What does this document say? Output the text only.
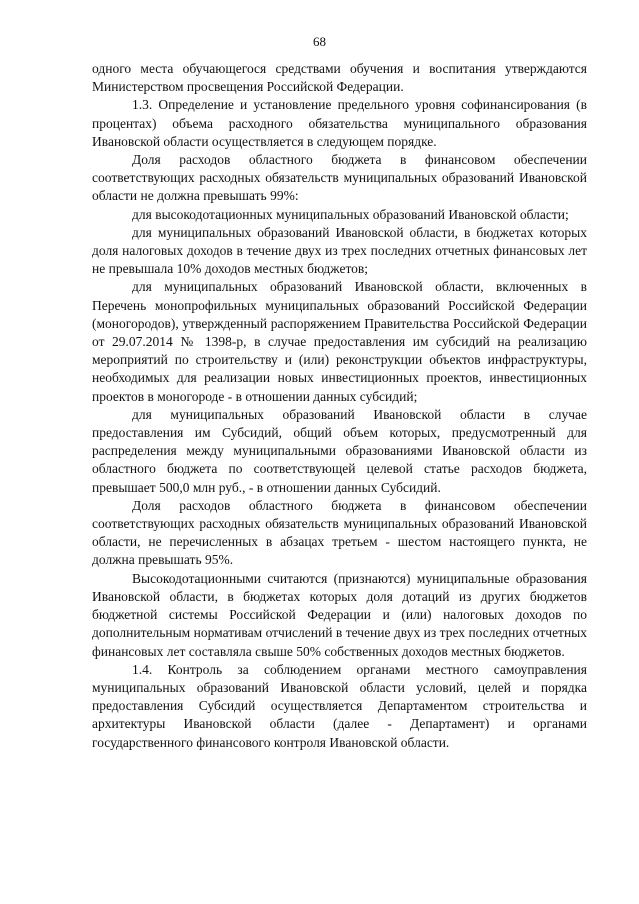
68

одного места обучающегося средствами обучения и воспитания утверждаются Министерством просвещения Российской Федерации.

1.3. Определение и установление предельного уровня софинансирования (в процентах) объема расходного обязательства муниципального образования Ивановской области осуществляется в следующем порядке.

Доля расходов областного бюджета в финансовом обеспечении соответствующих расходных обязательств муниципальных образований Ивановской области не должна превышать 99%:

для высокодотационных муниципальных образований Ивановской области;

для муниципальных образований Ивановской области, в бюджетах которых доля налоговых доходов в течение двух из трех последних отчетных финансовых лет не превышала 10% доходов местных бюджетов;

для муниципальных образований Ивановской области, включенных в Перечень монопрофильных муниципальных образований Российской Федерации (моногородов), утвержденный распоряжением Правительства Российской Федерации от 29.07.2014 № 1398-р, в случае предоставления им субсидий на реализацию мероприятий по строительству и (или) реконструкции объектов инфраструктуры, необходимых для реализации новых инвестиционных проектов, инвестиционных проектов в моногороде - в отношении данных субсидий;

для муниципальных образований Ивановской области в случае предоставления им Субсидий, общий объем которых, предусмотренный для распределения между муниципальными образованиями Ивановской области из областного бюджета по соответствующей целевой статье расходов бюджета, превышает 500,0 млн руб., - в отношении данных Субсидий.

Доля расходов областного бюджета в финансовом обеспечении соответствующих расходных обязательств муниципальных образований Ивановской области, не перечисленных в абзацах третьем - шестом настоящего пункта, не должна превышать 95%.

Высокодотационными считаются (признаются) муниципальные образования Ивановской области, в бюджетах которых доля дотаций из других бюджетов бюджетной системы Российской Федерации и (или) налоговых доходов по дополнительным нормативам отчислений в течение двух из трех последних отчетных финансовых лет составляла свыше 50% собственных доходов местных бюджетов.

1.4. Контроль за соблюдением органами местного самоуправления муниципальных образований Ивановской области условий, целей и порядка предоставления Субсидий осуществляется Департаментом строительства и архитектуры Ивановской области (далее - Департамент) и органами государственного финансового контроля Ивановской области.
